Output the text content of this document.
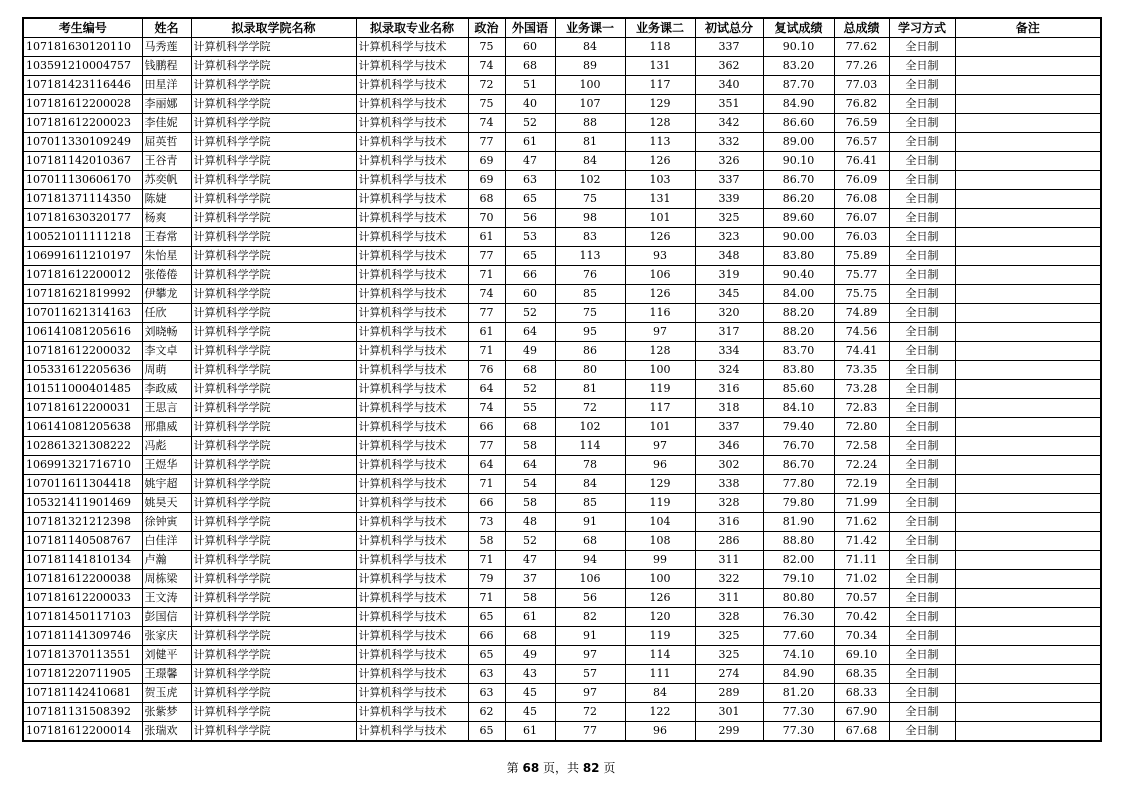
考生编号	姓名	拟录取学院名称	拟录取专业名称	政治	外国语	业务课一	业务课二	初试总分	复试成绩	总成绩	学习方式	备注
107181630120110	马秀莲	计算机科学学院	计算机科学与技术	75	60	84	118	337	90.10	77.62	全日制	
103591210004757	钱鹏程	计算机科学学院	计算机科学与技术	74	68	89	131	362	83.20	77.26	全日制	
107181423116446	田星洋	计算机科学学院	计算机科学与技术	72	51	100	117	340	87.70	77.03	全日制	
107181612200028	李丽娜	计算机科学学院	计算机科学与技术	75	40	107	129	351	84.90	76.82	全日制	
107181612200023	李佳妮	计算机科学学院	计算机科学与技术	74	52	88	128	342	86.60	76.59	全日制	
107011330109249	屈英哲	计算机科学学院	计算机科学与技术	77	61	81	113	332	89.00	76.57	全日制	
107181142010367	王谷青	计算机科学学院	计算机科学与技术	69	47	84	126	326	90.10	76.41	全日制	
107011130606170	苏奕帆	计算机科学学院	计算机科学与技术	69	63	102	103	337	86.70	76.09	全日制	
107181371114350	陈婕	计算机科学学院	计算机科学与技术	68	65	75	131	339	86.20	76.08	全日制	
107181630320177	杨爽	计算机科学学院	计算机科学与技术	70	56	98	101	325	89.60	76.07	全日制	
100521011111218	王春常	计算机科学学院	计算机科学与技术	61	53	83	126	323	90.00	76.03	全日制	
106991611210197	朱怡星	计算机科学学院	计算机科学与技术	77	65	113	93	348	83.80	75.89	全日制	
107181612200012	张倦倦	计算机科学学院	计算机科学与技术	71	66	76	106	319	90.40	75.77	全日制	
107181621819992	伊攀龙	计算机科学学院	计算机科学与技术	74	60	85	126	345	84.00	75.75	全日制	
107011621314163	任欣	计算机科学学院	计算机科学与技术	77	52	75	116	320	88.20	74.89	全日制	
106141081205616	刘晓畅	计算机科学学院	计算机科学与技术	61	64	95	97	317	88.20	74.56	全日制	
107181612200032	李文卓	计算机科学学院	计算机科学与技术	71	49	86	128	334	83.70	74.41	全日制	
105331612205636	周萌	计算机科学学院	计算机科学与技术	76	68	80	100	324	83.80	73.35	全日制	
101511000401485	李政威	计算机科学学院	计算机科学与技术	64	52	81	119	316	85.60	73.28	全日制	
107181612200031	王思言	计算机科学学院	计算机科学与技术	74	55	72	117	318	84.10	72.83	全日制	
106141081205638	邢鼎威	计算机科学学院	计算机科学与技术	66	68	102	101	337	79.40	72.80	全日制	
102861321308222	冯彪	计算机科学学院	计算机科学与技术	77	58	114	97	346	76.70	72.58	全日制	
106991321716710	王煜华	计算机科学学院	计算机科学与技术	64	64	78	96	302	86.70	72.24	全日制	
107011611304418	姚宇超	计算机科学学院	计算机科学与技术	71	54	84	129	338	77.80	72.19	全日制	
105321411901469	姚昊天	计算机科学学院	计算机科学与技术	66	58	85	119	328	79.80	71.99	全日制	
107181321212398	徐钟寅	计算机科学学院	计算机科学与技术	73	48	91	104	316	81.90	71.62	全日制	
107181140508767	白佳洋	计算机科学学院	计算机科学与技术	58	52	68	108	286	88.80	71.42	全日制	
107181141810134	卢瀚	计算机科学学院	计算机科学与技术	71	47	94	99	311	82.00	71.11	全日制	
107181612200038	周栋梁	计算机科学学院	计算机科学与技术	79	37	106	100	322	79.10	71.02	全日制	
107181612200033	王文涛	计算机科学学院	计算机科学与技术	71	58	56	126	311	80.80	70.57	全日制	
107181450117103	彭国信	计算机科学学院	计算机科学与技术	65	61	82	120	328	76.30	70.42	全日制	
107181141309746	张家庆	计算机科学学院	计算机科学与技术	66	68	91	119	325	77.60	70.34	全日制	
107181370113551	刘健平	计算机科学学院	计算机科学与技术	65	49	97	114	325	74.10	69.10	全日制	
107181220711905	王璟馨	计算机科学学院	计算机科学与技术	63	43	57	111	274	84.90	68.35	全日制	
107181142410681	贺玉虎	计算机科学学院	计算机科学与技术	63	45	97	84	289	81.20	68.33	全日制	
107181131508392	张紫梦	计算机科学学院	计算机科学与技术	62	45	72	122	301	77.30	67.90	全日制	
107181612200014	张瑞欢	计算机科学学院	计算机科学与技术	65	61	77	96	299	77.30	67.68	全日制	
第 68 页，共 82 页
